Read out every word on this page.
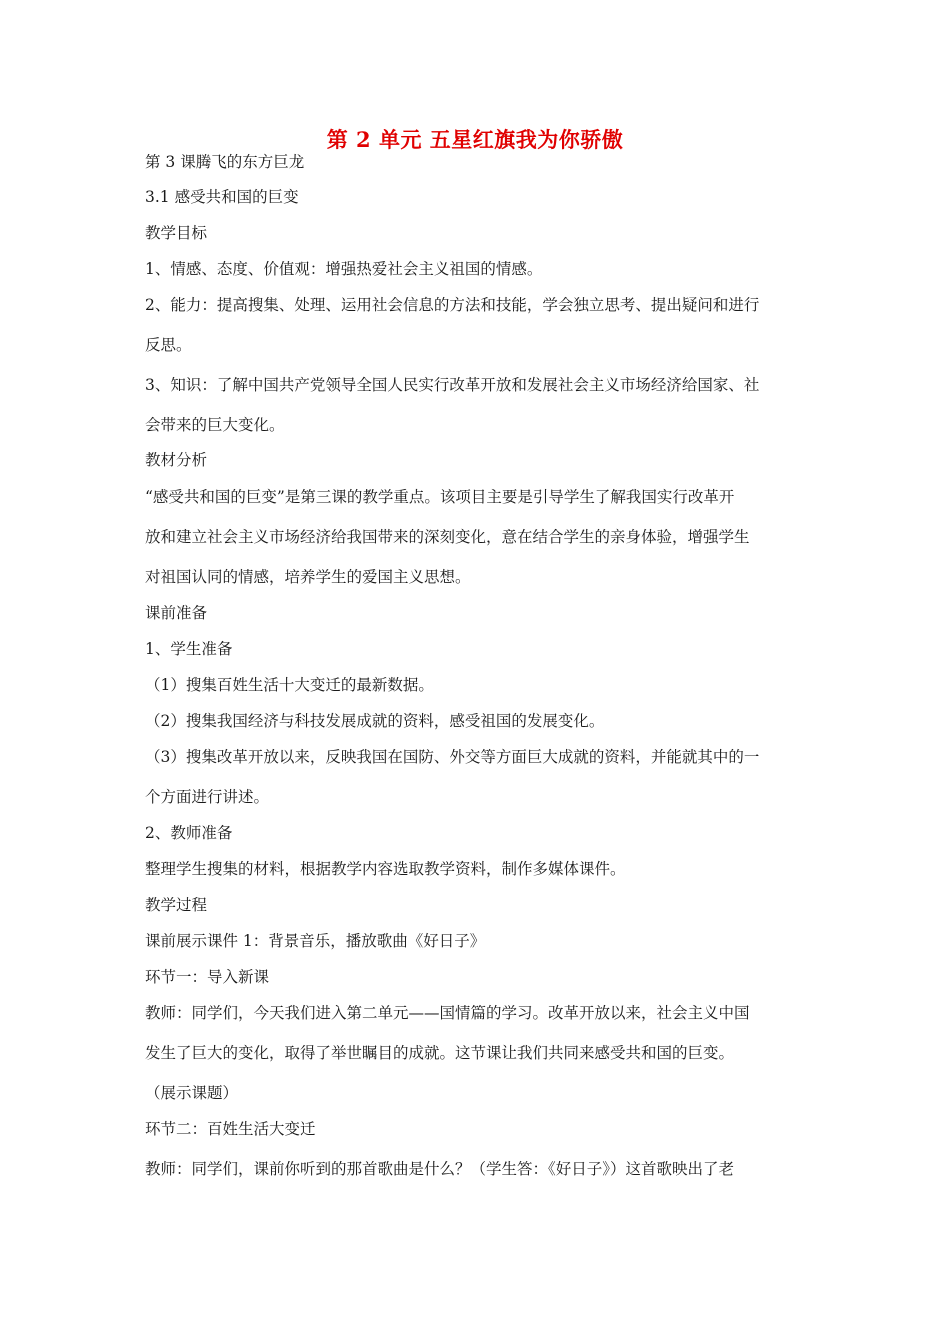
第 2 单元 五星红旗我为你骄傲
第 3 课腾飞的东方巨龙
3.1 感受共和国的巨变
教学目标
1、情感、态度、价值观：增强热爱社会主义祖国的情感。
2、能力：提高搜集、处理、运用社会信息的方法和技能，学会独立思考、提出疑问和进行
反思。
3、知识：了解中国共产党领导全国人民实行改革开放和发展社会主义市场经济给国家、社
会带来的巨大变化。
教材分析
“感受共和国的巨变”是第三课的教学重点。该项目主要是引导学生了解我国实行改革开
放和建立社会主义市场经济给我国带来的深刻变化，意在结合学生的亲身体验，增强学生
对祖国认同的情感，培养学生的爱国主义思想。
课前准备
1、学生准备
（1）搜集百姓生活十大变迁的最新数据。
（2）搜集我国经济与科技发展成就的资料，感受祖国的发展变化。
（3）搜集改革开放以来，反映我国在国防、外交等方面巨大成就的资料，并能就其中的一
个方面进行讲述。
2、教师准备
整理学生搜集的材料，根据教学内容选取教学资料，制作多媒体课件。
教学过程
课前展示课件 1：背景音乐，播放歌曲《好日子》
环节一：导入新课
教师：同学们，今天我们进入第二单元——国情篇的学习。改革开放以来，社会主义中国
发生了巨大的变化，取得了举世瞩目的成就。这节课让我们共同来感受共和国的巨变。
（展示课题）
环节二：百姓生活大变迁
教师：同学们，课前你听到的那首歌曲是什么？（学生答：《好日子》）这首歌映出了老
